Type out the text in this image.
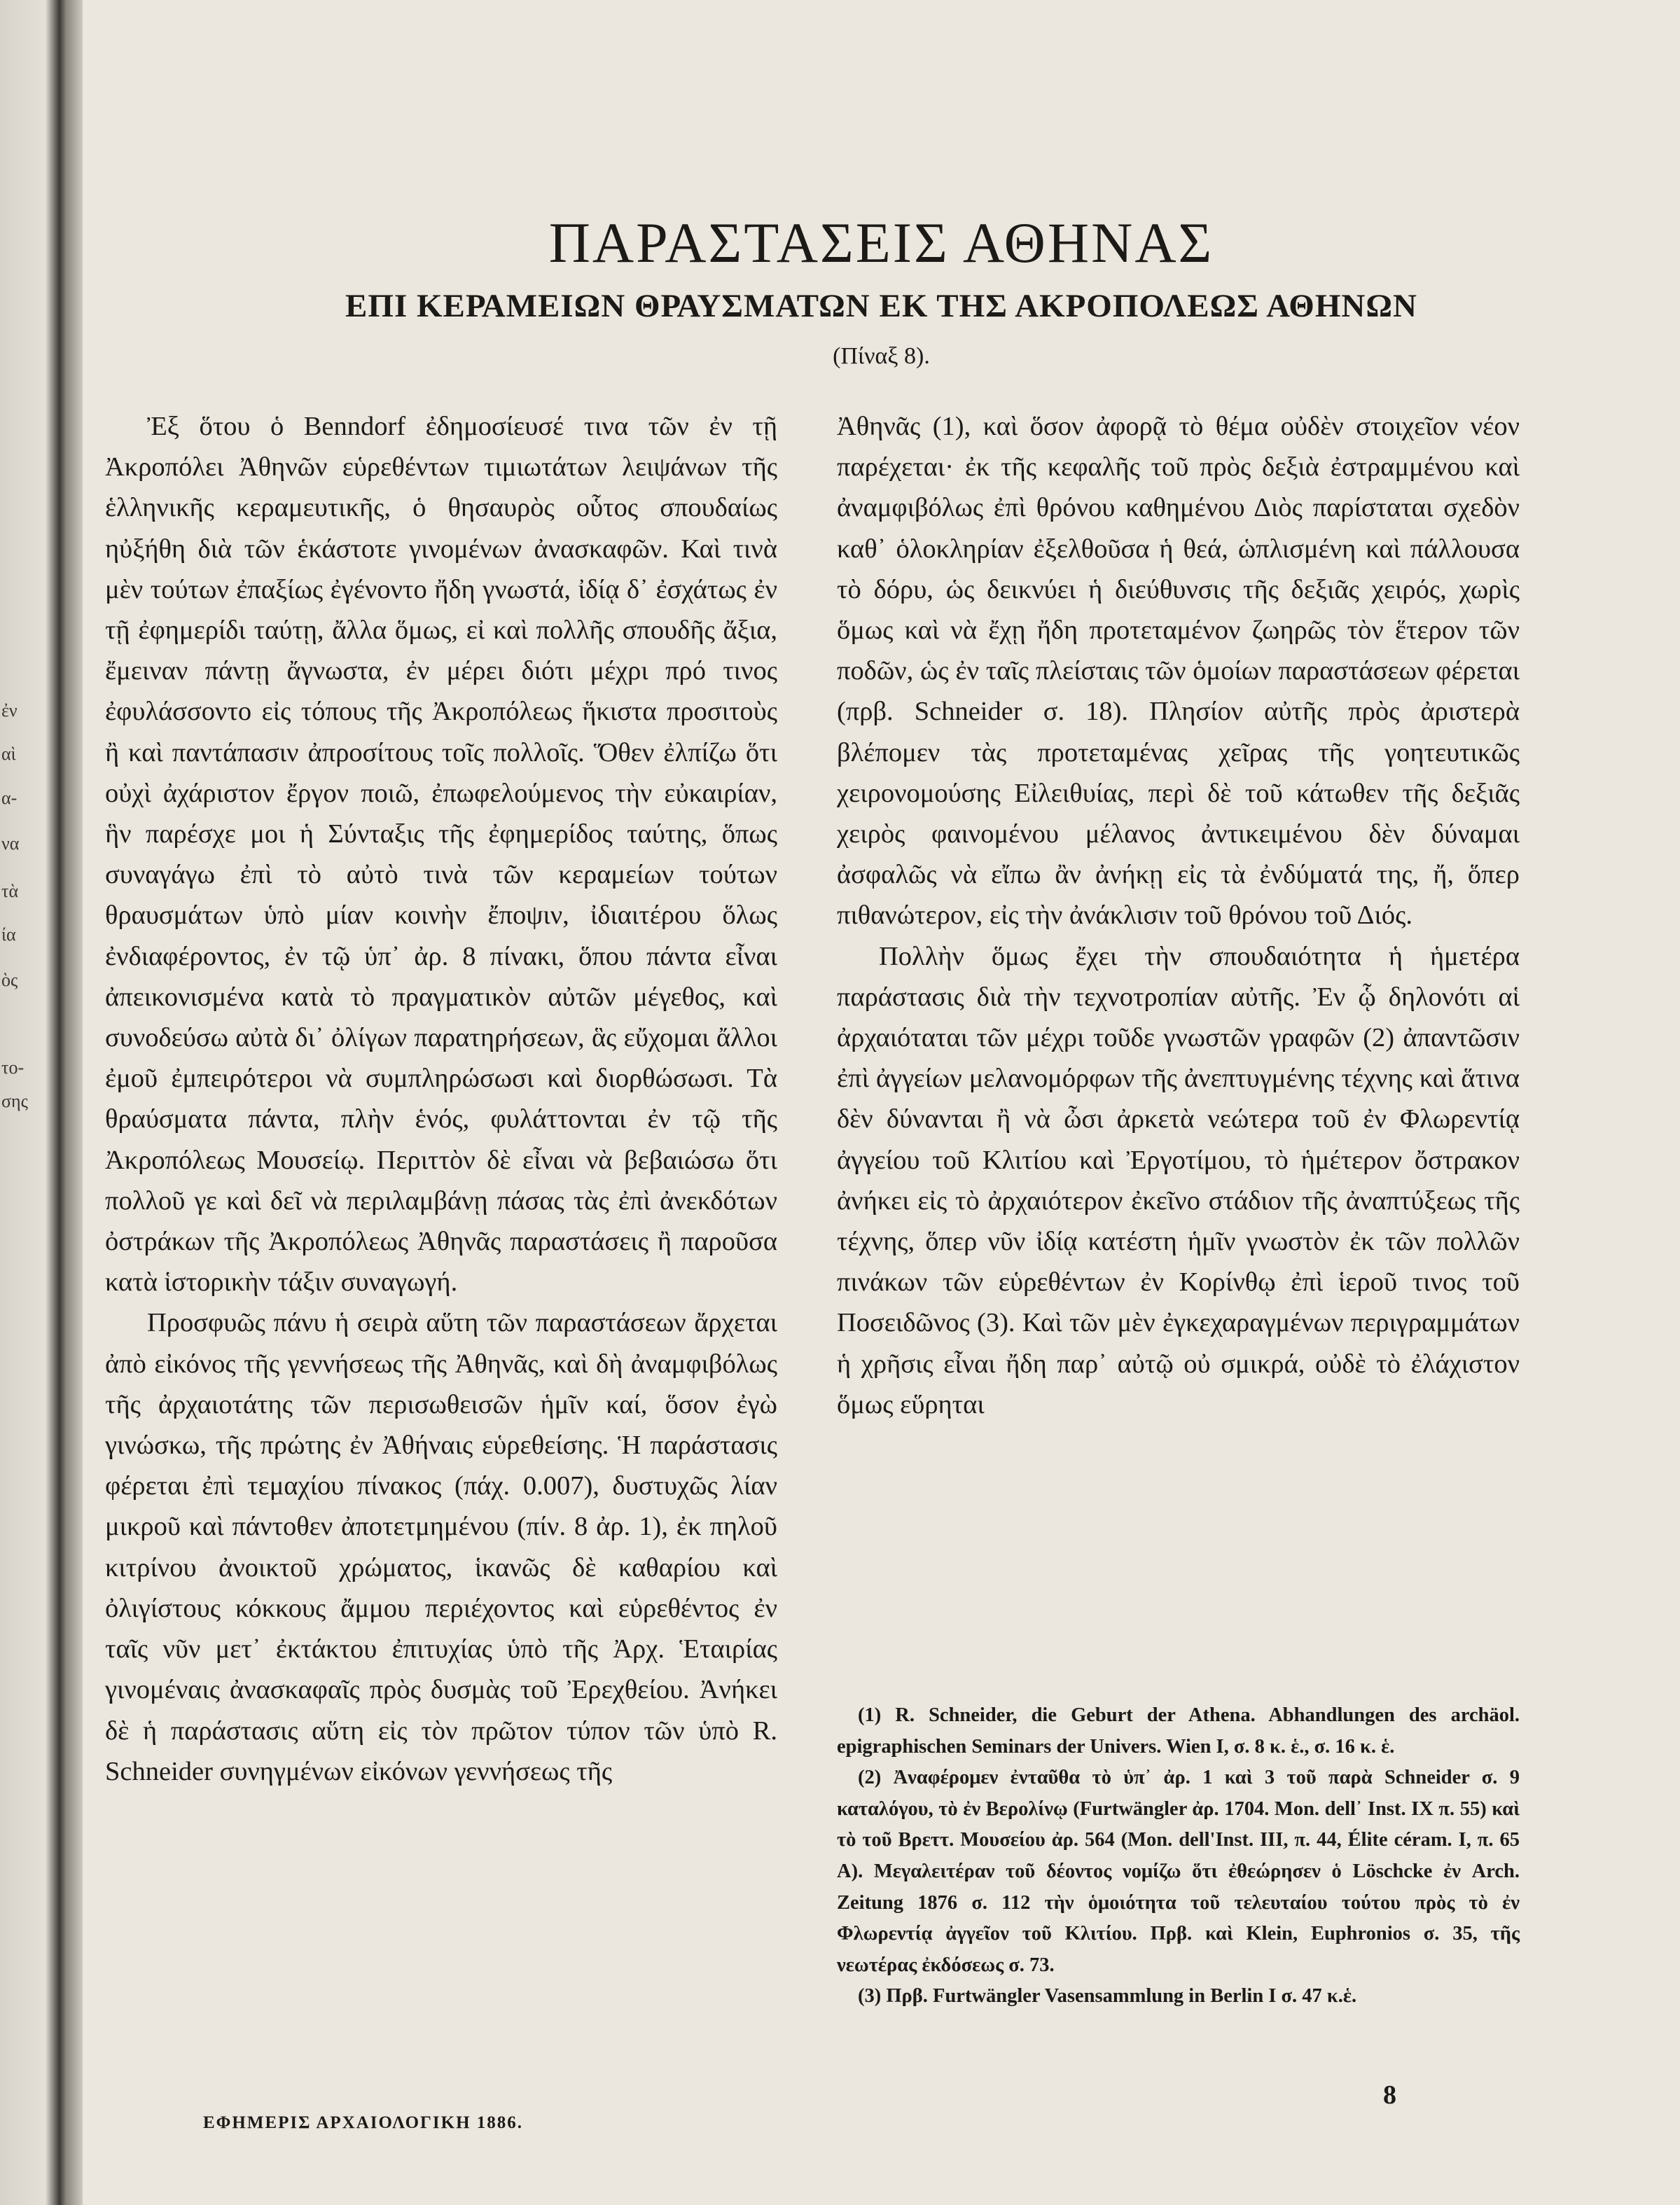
ἐν
αὶ
α-
να
τὰ
ία
ὸς
το-
σης
ΠΑΡΑΣΤΑΣΕΙΣ ΑΘΗΝΑΣ
ΕΠΙ ΚΕΡΑΜΕΙΩΝ ΘΡΑΥΣΜΑΤΩΝ ΕΚ ΤΗΣ ΑΚΡΟΠΟΛΕΩΣ ΑΘΗΝΩΝ
(Πίναξ 8).

Ἐξ ὅτου ὁ Benndorf ἐδημοσίευσέ τινα τῶν ἐν τῇ Ἀκροπόλει Ἀθηνῶν εὑρεθέντων τιμιωτάτων λειψάνων τῆς ἑλληνικῆς κεραμευτικῆς, ὁ θησαυρὸς οὗτος σπουδαίως ηὐξήθη διὰ τῶν ἑκάστοτε γινομένων ἀνασκαφῶν. Καὶ τινὰ μὲν τούτων ἐπαξίως ἐγένοντο ἤδη γνωστά, ἰδίᾳ δ᾿ ἐσχάτως ἐν τῇ ἐφημερίδι ταύτῃ, ἄλλα ὅμως, εἰ καὶ πολλῆς σπουδῆς ἄξια, ἔμειναν πάντῃ ἄγνωστα, ἐν μέρει διότι μέχρι πρό τινος ἐφυλάσσοντο εἰς τόπους τῆς Ἀκροπόλεως ἥκιστα προσιτοὺς ἢ καὶ παντάπασιν ἀπροσίτους τοῖς πολλοῖς. Ὅθεν ἐλπίζω ὅτι οὐχὶ ἀχάριστον ἔργον ποιῶ, ἐπωφελούμενος τὴν εὐκαιρίαν, ἣν παρέσχε μοι ἡ Σύνταξις τῆς ἐφημερίδος ταύτης, ὅπως συναγάγω ἐπὶ τὸ αὐτὸ τινὰ τῶν κεραμείων τούτων θραυσμάτων ὑπὸ μίαν κοινὴν ἔποψιν, ἰδιαιτέρου ὅλως ἐνδιαφέροντος, ἐν τῷ ὑπ᾿ ἀρ. 8 πίνακι, ὅπου πάντα εἶναι ἀπεικονισμένα κατὰ τὸ πραγματικὸν αὐτῶν μέγεθος, καὶ συνοδεύσω αὐτὰ δι᾿ ὀλίγων παρατηρήσεων, ἃς εὔχομαι ἄλλοι ἐμοῦ ἐμπειρότεροι νὰ συμπληρώσωσι καὶ διορθώσωσι. Τὰ θραύσματα πάντα, πλὴν ἑνός, φυλάττονται ἐν τῷ τῆς Ἀκροπόλεως Μουσείῳ. Περιττὸν δὲ εἶναι νὰ βεβαιώσω ὅτι πολλοῦ γε καὶ δεῖ νὰ περιλαμβάνῃ πάσας τὰς ἐπὶ ἀνεκδότων ὀστράκων τῆς Ἀκροπόλεως Ἀθηνᾶς παραστάσεις ἢ παροῦσα κατὰ ἱστορικὴν τάξιν συναγωγή.

Προσφυῶς πάνυ ἡ σειρὰ αὕτη τῶν παραστάσεων ἄρχεται ἀπὸ εἰκόνος τῆς γεννήσεως τῆς Ἀθηνᾶς, καὶ δὴ ἀναμφιβόλως τῆς ἀρχαιοτάτης τῶν περισωθεισῶν ἡμῖν καί, ὅσον ἐγὼ γινώσκω, τῆς πρώτης ἐν Ἀθήναις εὑρεθείσης. Ἡ παράστασις φέρεται ἐπὶ τεμαχίου πίνακος (πάχ. 0.007), δυστυχῶς λίαν μικροῦ καὶ πάντοθεν ἀποτετμημένου (πίν. 8 ἀρ. 1), ἐκ πηλοῦ κιτρίνου ἀνοικτοῦ χρώματος, ἱκανῶς δὲ καθαρίου καὶ ὀλιγίστους κόκκους ἄμμου περιέχοντος καὶ εὑρεθέντος ἐν ταῖς νῦν μετ᾿ ἐκτάκτου ἐπιτυχίας ὑπὸ τῆς Ἀρχ. Ἑταιρίας γινομέναις ἀνασκαφαῖς πρὸς δυσμὰς τοῦ Ἐρεχθείου. Ἀνήκει δὲ ἡ παράστασις αὕτη εἰς τὸν πρῶτον τύπον τῶν ὑπὸ R. Schneider συνηγμένων εἰκόνων γεννήσεως τῆς

Ἀθηνᾶς (1), καὶ ὅσον ἀφορᾷ τὸ θέμα οὐδὲν στοιχεῖον νέον παρέχεται· ἐκ τῆς κεφαλῆς τοῦ πρὸς δεξιὰ ἐστραμμένου καὶ ἀναμφιβόλως ἐπὶ θρόνου καθημένου Διὸς παρίσταται σχεδὸν καθ᾿ ὁλοκληρίαν ἐξελθοῦσα ἡ θεά, ὡπλισμένη καὶ πάλλουσα τὸ δόρυ, ὡς δεικνύει ἡ διεύθυνσις τῆς δεξιᾶς χειρός, χωρὶς ὅμως καὶ νὰ ἔχῃ ἤδη προτεταμένον ζωηρῶς τὸν ἕτερον τῶν ποδῶν, ὡς ἐν ταῖς πλείσταις τῶν ὁμοίων παραστάσεων φέρεται (πρβ. Schneider σ. 18). Πλησίον αὐτῆς πρὸς ἀριστερὰ βλέπομεν τὰς προτεταμένας χεῖρας τῆς γοητευτικῶς χειρονομούσης Εἰλειθυίας, περὶ δὲ τοῦ κάτωθεν τῆς δεξιᾶς χειρὸς φαινομένου μέλανος ἀντικειμένου δὲν δύναμαι ἀσφαλῶς νὰ εἴπω ἂν ἀνήκῃ εἰς τὰ ἐνδύματά της, ἤ, ὅπερ πιθανώτερον, εἰς τὴν ἀνάκλισιν τοῦ θρόνου τοῦ Διός.

Πολλὴν ὅμως ἔχει τὴν σπουδαιότητα ἡ ἡμετέρα παράστασις διὰ τὴν τεχνοτροπίαν αὐτῆς. Ἐν ᾧ δηλονότι αἱ ἀρχαιόταται τῶν μέχρι τοῦδε γνωστῶν γραφῶν (2) ἀπαντῶσιν ἐπὶ ἀγγείων μελανομόρφων τῆς ἀνεπτυγμένης τέχνης καὶ ἅτινα δὲν δύνανται ἢ νὰ ὦσι ἀρκετὰ νεώτερα τοῦ ἐν Φλωρεντίᾳ ἀγγείου τοῦ Κλιτίου καὶ Ἐργοτίμου, τὸ ἡμέτερον ὄστρακον ἀνήκει εἰς τὸ ἀρχαιότερον ἐκεῖνο στάδιον τῆς ἀναπτύξεως τῆς τέχνης, ὅπερ νῦν ἰδίᾳ κατέστη ἡμῖν γνωστὸν ἐκ τῶν πολλῶν πινάκων τῶν εὑρεθέντων ἐν Κορίνθῳ ἐπὶ ἱεροῦ τινος τοῦ Ποσειδῶνος (3). Καὶ τῶν μὲν ἐγκεχαραγμένων περιγραμμάτων ἡ χρῆσις εἶναι ἤδη παρ᾿ αὐτῷ οὐ σμικρά, οὐδὲ τὸ ἐλάχιστον ὅμως εὕρηται

(1) R. Schneider, die Geburt der Athena. Abhandlungen des archäol. epigraphischen Seminars der Univers. Wien I, σ. 8 κ. ἑ., σ. 16 κ. ἑ.

(2) Ἀναφέρομεν ἐνταῦθα τὸ ὑπ᾿ ἀρ. 1 καὶ 3 τοῦ παρὰ Schneider σ. 9 καταλόγου, τὸ ἐν Βερολίνῳ (Furtwängler ἀρ. 1704. Mon. dell᾿ Inst. IX π. 55) καὶ τὸ τοῦ Βρεττ. Μουσείου ἀρ. 564 (Mon. dell'Inst. III, π. 44, Élite céram. I, π. 65 A). Μεγαλειτέραν τοῦ δέοντος νομίζω ὅτι ἐθεώρησεν ὁ Löschcke ἐν Arch. Zeitung 1876 σ. 112 τὴν ὁμοιότητα τοῦ τελευταίου τούτου πρὸς τὸ ἐν Φλωρεντίᾳ ἀγγεῖον τοῦ Κλιτίου. Πρβ. καὶ Klein, Euphronios σ. 35, τῆς νεωτέρας ἐκδόσεως σ. 73.

(3) Πρβ. Furtwängler Vasensammlung in Berlin I σ. 47 κ.ἑ.

ΕΦΗΜΕΡΙΣ ΑΡΧΑΙΟΛΟΓΙΚΗ 1886.
8
